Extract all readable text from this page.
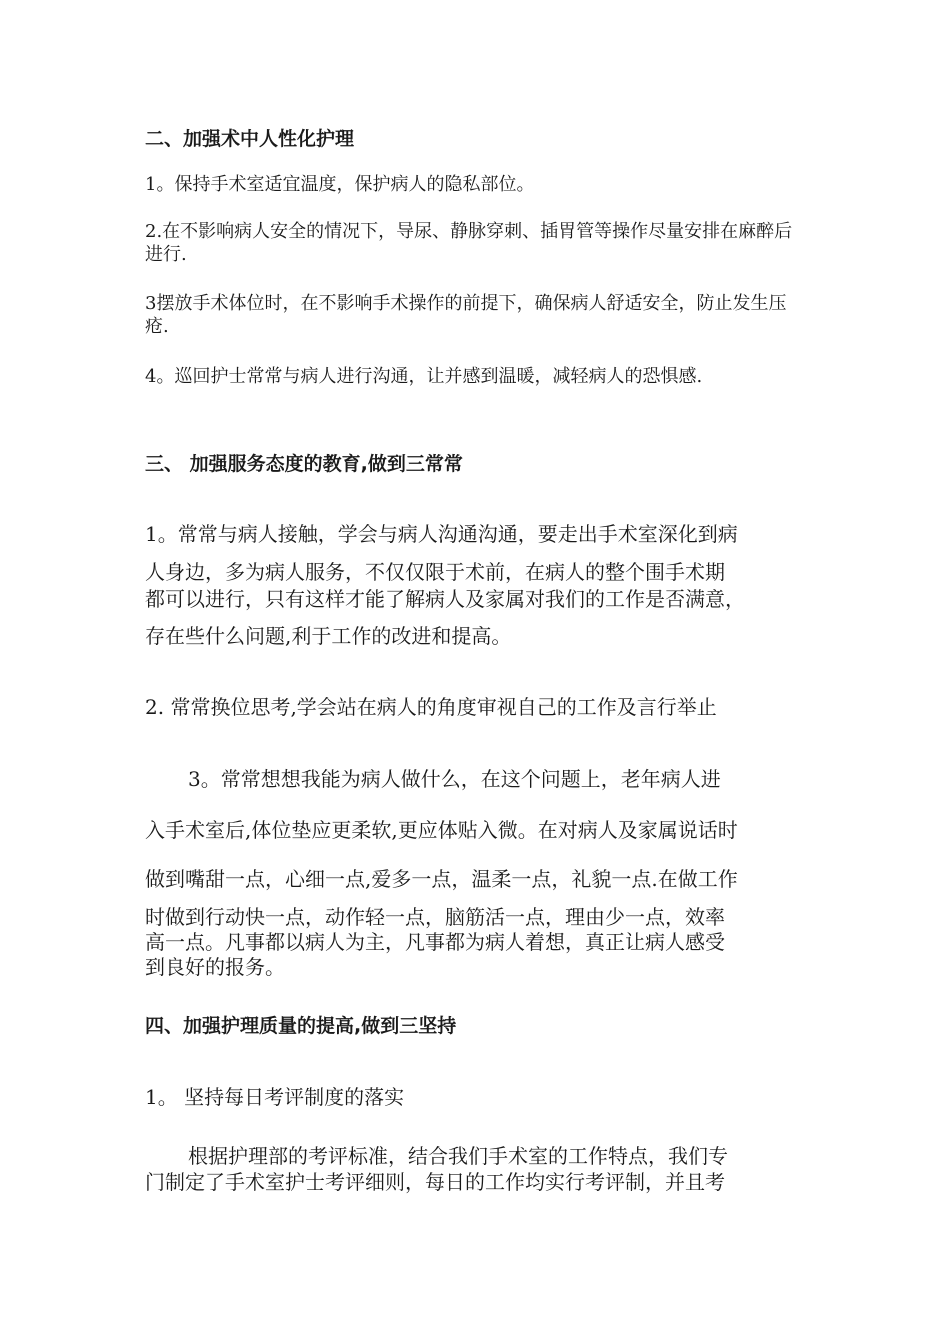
二、加强术中人性化护理

1。保持手术室适宜温度，保护病人的隐私部位。

2.在不影响病人安全的情况下，导尿、静脉穿刺、插胃管等操作尽量安排在麻醉后进行.

3摆放手术体位时，在不影响手术操作的前提下，确保病人舒适安全，防止发生压疮.

4。巡回护士常常与病人进行沟通，让并感到温暖，减轻病人的恐惧感.

三、 加强服务态度的教育,做到三常常

1。常常与病人接触，学会与病人沟通沟通，要走出手术室深化到病

人身边，多为病人服务，不仅仅限于术前，在病人的整个围手术期

都可以进行，只有这样才能了解病人及家属对我们的工作是否满意，

存在些什么问题,利于工作的改进和提高。

2. 常常换位思考,学会站在病人的角度审视自己的工作及言行举止

3。常常想想我能为病人做什么，在这个问题上，老年病人进

入手术室后,体位垫应更柔软,更应体贴入微。在对病人及家属说话时

做到嘴甜一点，心细一点,爱多一点，温柔一点，礼貌一点.在做工作

时做到行动快一点，动作轻一点，脑筋活一点，理由少一点，效率

高一点。凡事都以病人为主，凡事都为病人着想，真正让病人感受

到良好的报务。

四、加强护理质量的提高,做到三坚持

1。 坚持每日考评制度的落实

根据护理部的考评标准，结合我们手术室的工作特点，我们专

门制定了手术室护士考评细则，每日的工作均实行考评制，并且考
